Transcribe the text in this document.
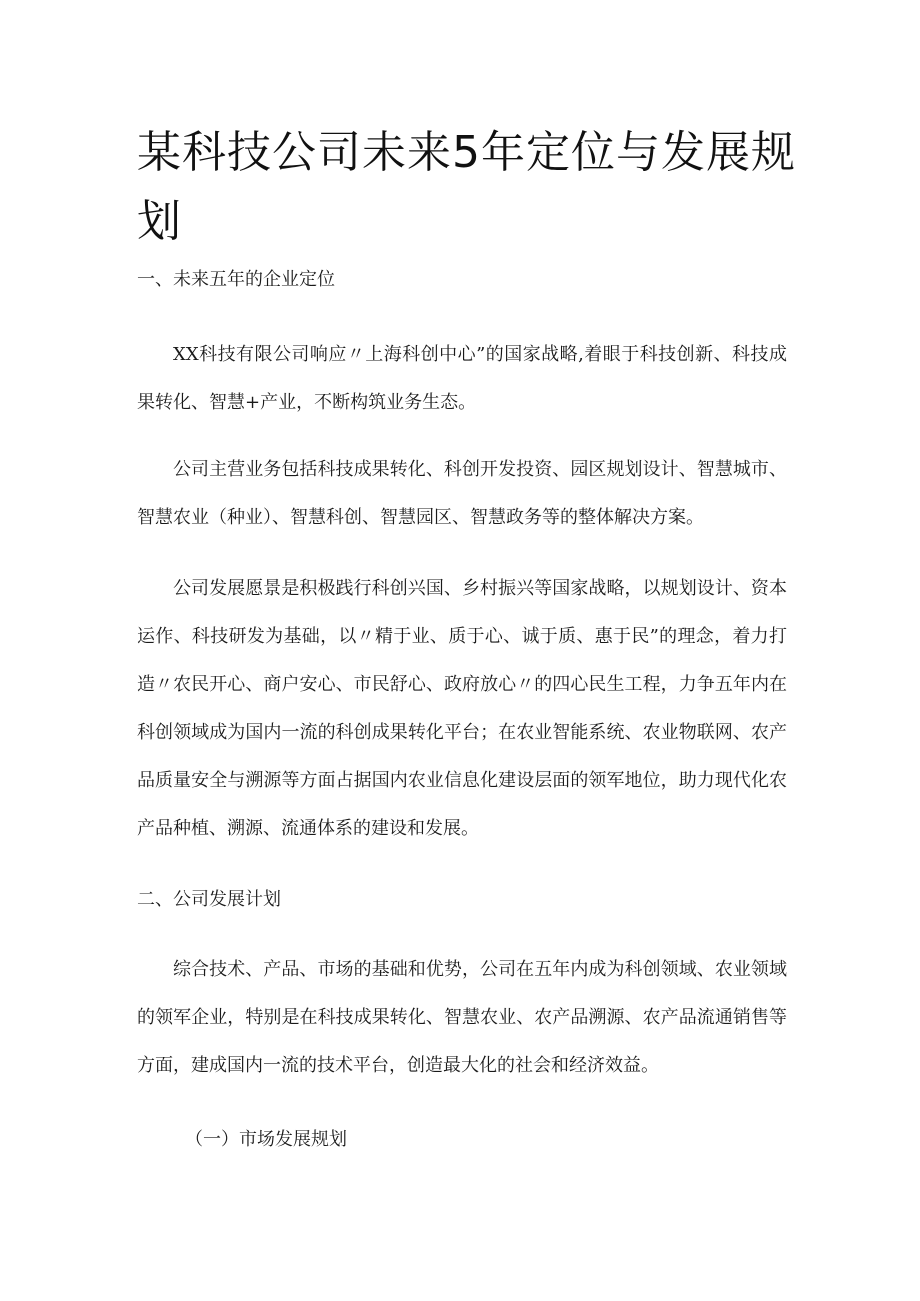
某科技公司未来5年定位与发展规划

一、未来五年的企业定位

XX科技有限公司响应〃上海科创中心”的国家战略,着眼于科技创新、科技成果转化、智慧+产业，不断构筑业务生态。

公司主营业务包括科技成果转化、科创开发投资、园区规划设计、智慧城市、智慧农业（种业）、智慧科创、智慧园区、智慧政务等的整体解决方案。

公司发展愿景是积极践行科创兴国、乡村振兴等国家战略，以规划设计、资本运作、科技研发为基础，以〃精于业、质于心、诚于质、惠于民”的理念，着力打造〃农民开心、商户安心、市民舒心、政府放心〃的四心民生工程，力争五年内在科创领域成为国内一流的科创成果转化平台；在农业智能系统、农业物联网、农产品质量安全与溯源等方面占据国内农业信息化建设层面的领军地位，助力现代化农产品种植、溯源、流通体系的建设和发展。

二、公司发展计划

综合技术、产品、市场的基础和优势，公司在五年内成为科创领域、农业领域的领军企业，特别是在科技成果转化、智慧农业、农产品溯源、农产品流通销售等方面，建成国内一流的技术平台，创造最大化的社会和经济效益。

（一）市场发展规划
